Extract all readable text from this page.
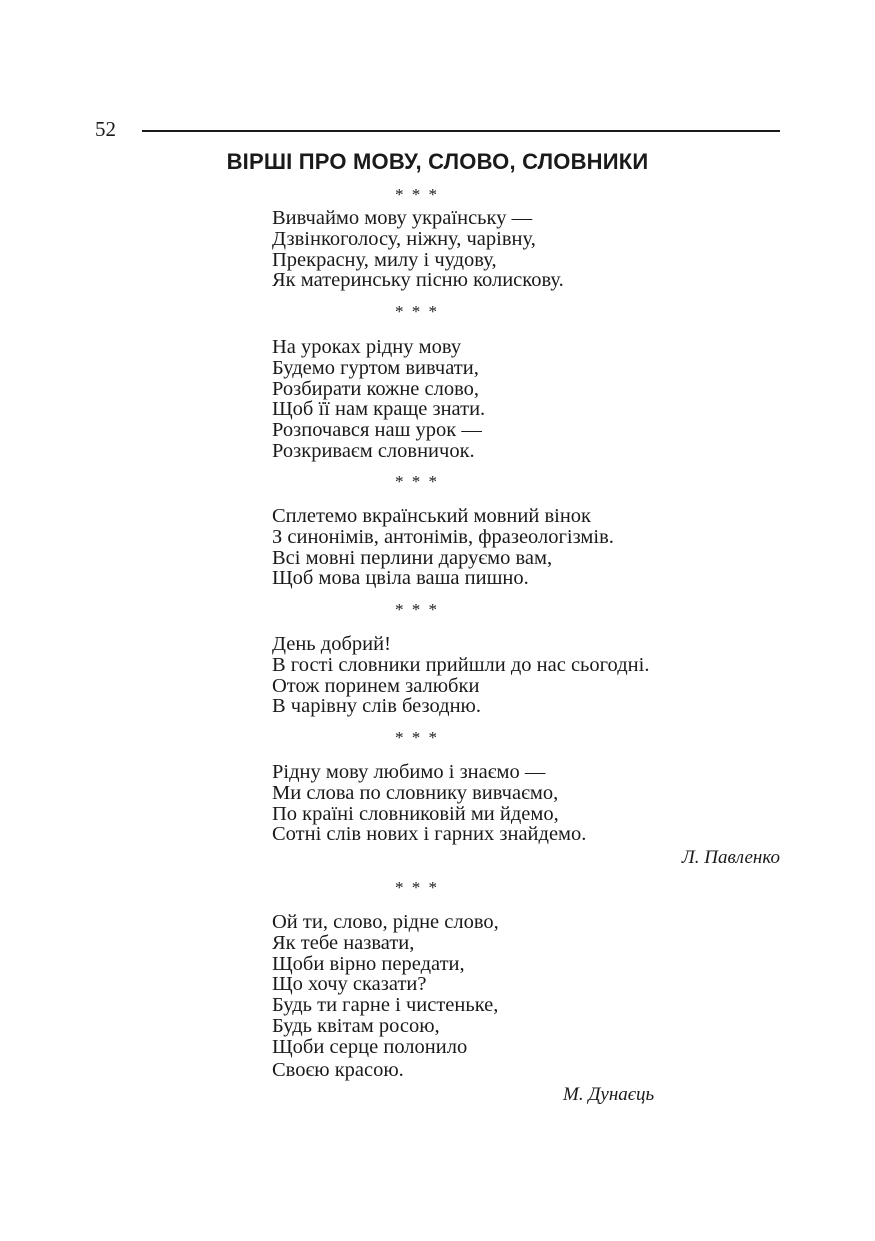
52
ВІРШІ ПРО МОВУ, СЛОВО, СЛОВНИКИ
* * *
Вивчаймо мову українську —
Дзвінкоголосу, ніжну, чарівну,
Прекрасну, милу і чудову,
Як материнську пісню колискову.
* * *
На уроках рідну мову
Будемо гуртом вивчати,
Розбирати кожне слово,
Щоб її нам краще знати.
Розпочався наш урок —
Розкриваєм словничок.
* * *
Сплетемо вкраїнський мовний вінок
З синонімів, антонімів, фразеологізмів.
Всі мовні перлини даруємо вам,
Щоб мова цвіла ваша пишно.
* * *
День добрий!
В гості словники прийшли до нас сьогодні.
Отож поринем залюбки
В чарівну слів безодню.
* * *
Рідну мову любимо і знаємо —
Ми слова по словнику вивчаємо,
По країні словниковій ми йдемо,
Сотні слів нових і гарних знайдемо.
Л. Павленко
* * *
Ой ти, слово, рідне слово,
Як тебе назвати,
Щоби вірно передати,
Що хочу сказати?
Будь ти гарне і чистеньке,
Будь квітам росою,
Щоби серце полонило
Своєю красою.
М. Дунаєць
